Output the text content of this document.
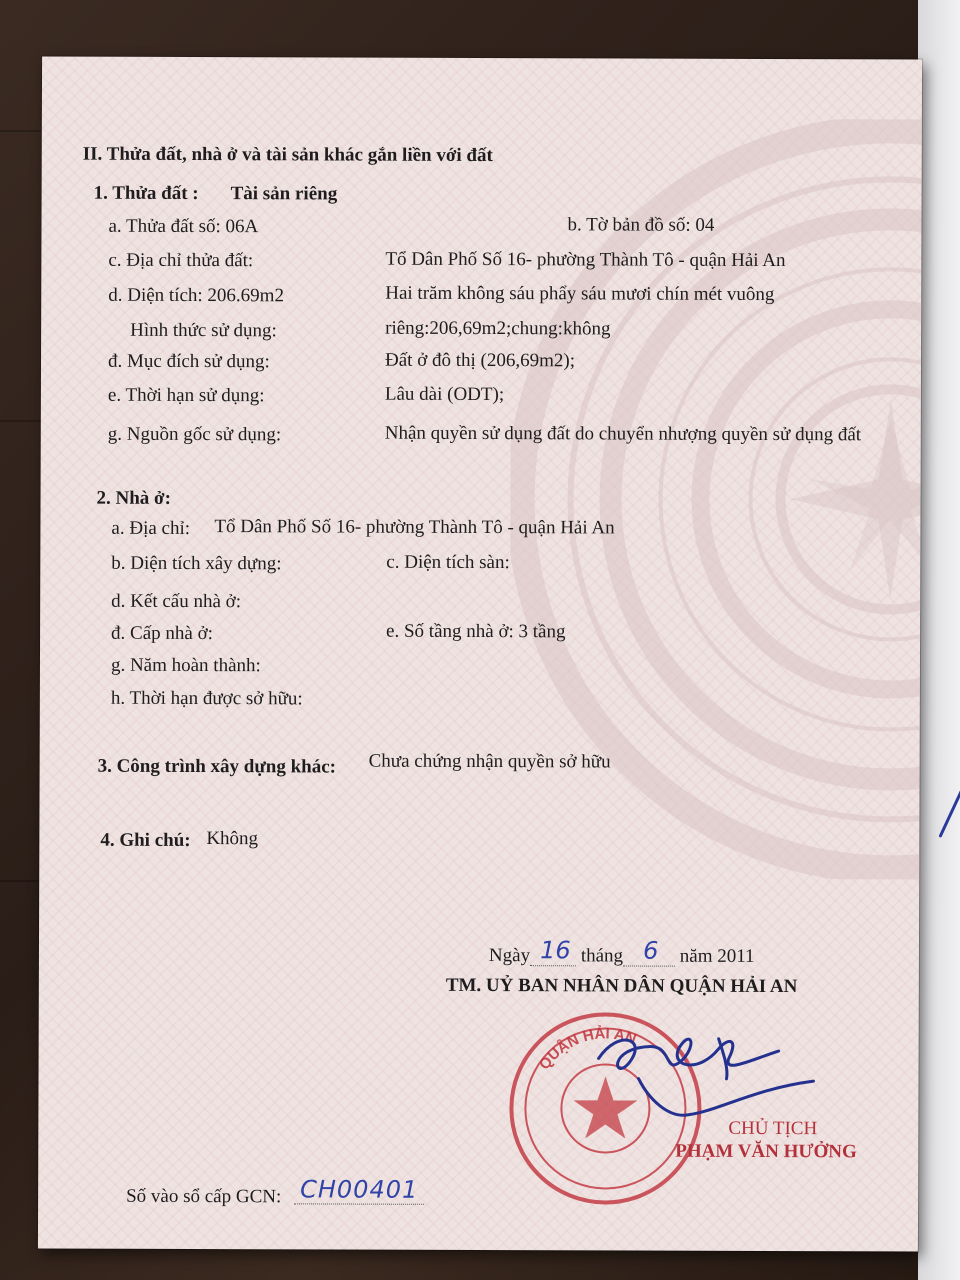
II. Thửa đất, nhà ở và tài sản khác gắn liền với đất
1. Thửa đất : Tài sản riêng
a. Thửa đất số: 06A	b. Tờ bản đồ số: 04
c. Địa chỉ thửa đất:	Tổ Dân Phố Số 16- phường Thành Tô - quận Hải An
d. Diện tích: 206.69m2	Hai trăm không sáu phẩy sáu mươi chín mét vuông
Hình thức sử dụng:	riêng:206,69m2;chung:không
đ. Mục đích sử dụng:	Đất ở đô thị (206,69m2);
e. Thời hạn sử dụng:	Lâu dài (ODT);
g. Nguồn gốc sử dụng:	Nhận quyền sử dụng đất do chuyển nhượng quyền sử dụng đất
2. Nhà ở:
a. Địa chỉ: Tổ Dân Phố Số 16- phường Thành Tô - quận Hải An
b. Diện tích xây dựng:	c. Diện tích sàn:
d. Kết cấu nhà ở:
đ. Cấp nhà ở:	e. Số tầng nhà ở: 3 tầng
g. Năm hoàn thành:
h. Thời hạn được sở hữu:
3. Công trình xây dựng khác: Chưa chứng nhận quyền sở hữu
4. Ghi chú: Không
Ngày 16 tháng 6 năm 2011
TM. UỶ BAN NHÂN DÂN QUẬN HẢI AN
QUẬN HẢI AN
CHỦ TỊCH
PHẠM VĂN HƯỞNG
Số vào sổ cấp GCN: CH00401
